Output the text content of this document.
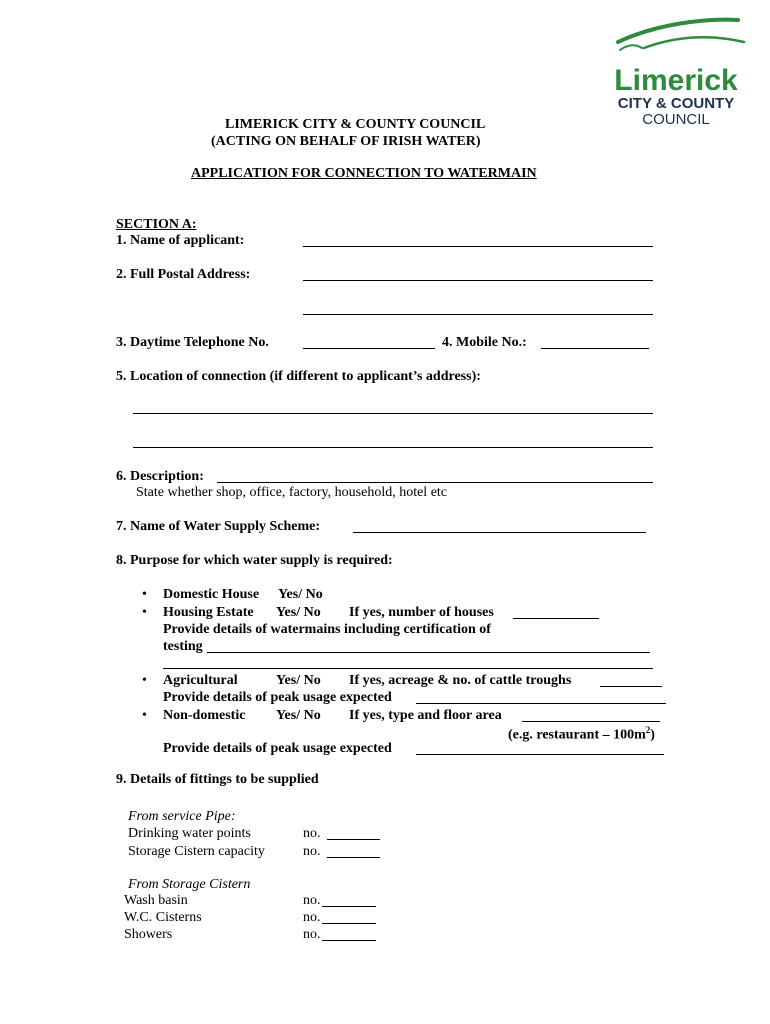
Limerick
CITY & COUNTY
COUNCIL
LIMERICK CITY & COUNTY COUNCIL
(ACTING ON BEHALF OF IRISH WATER)
APPLICATION FOR CONNECTION TO WATERMAIN
SECTION A:
1. Name of applicant:
2. Full Postal Address:
3. Daytime Telephone No.	4. Mobile No.:
5. Location of connection (if different to applicant’s address):
6. Description:
State whether shop, office, factory, household, hotel etc
7. Name of Water Supply Scheme:
8. Purpose for which water supply is required:
• Domestic House Yes/ No
• Housing Estate Yes/ No If yes, number of houses
Provide details of watermains including certification of
testing
• Agricultural	Yes/ No If yes, acreage & no. of cattle troughs
Provide details of peak usage expected
• Non-domestic Yes/ No If yes, type and floor area
(e.g. restaurant – $100m^2$)
Provide details of peak usage expected
9. Details of fittings to be supplied
From service Pipe:
Drinking water points	no.
Storage Cistern capacity	no.
From Storage Cistern
Wash basin	no.
W.C. Cisterns	no.
Showers	no.
